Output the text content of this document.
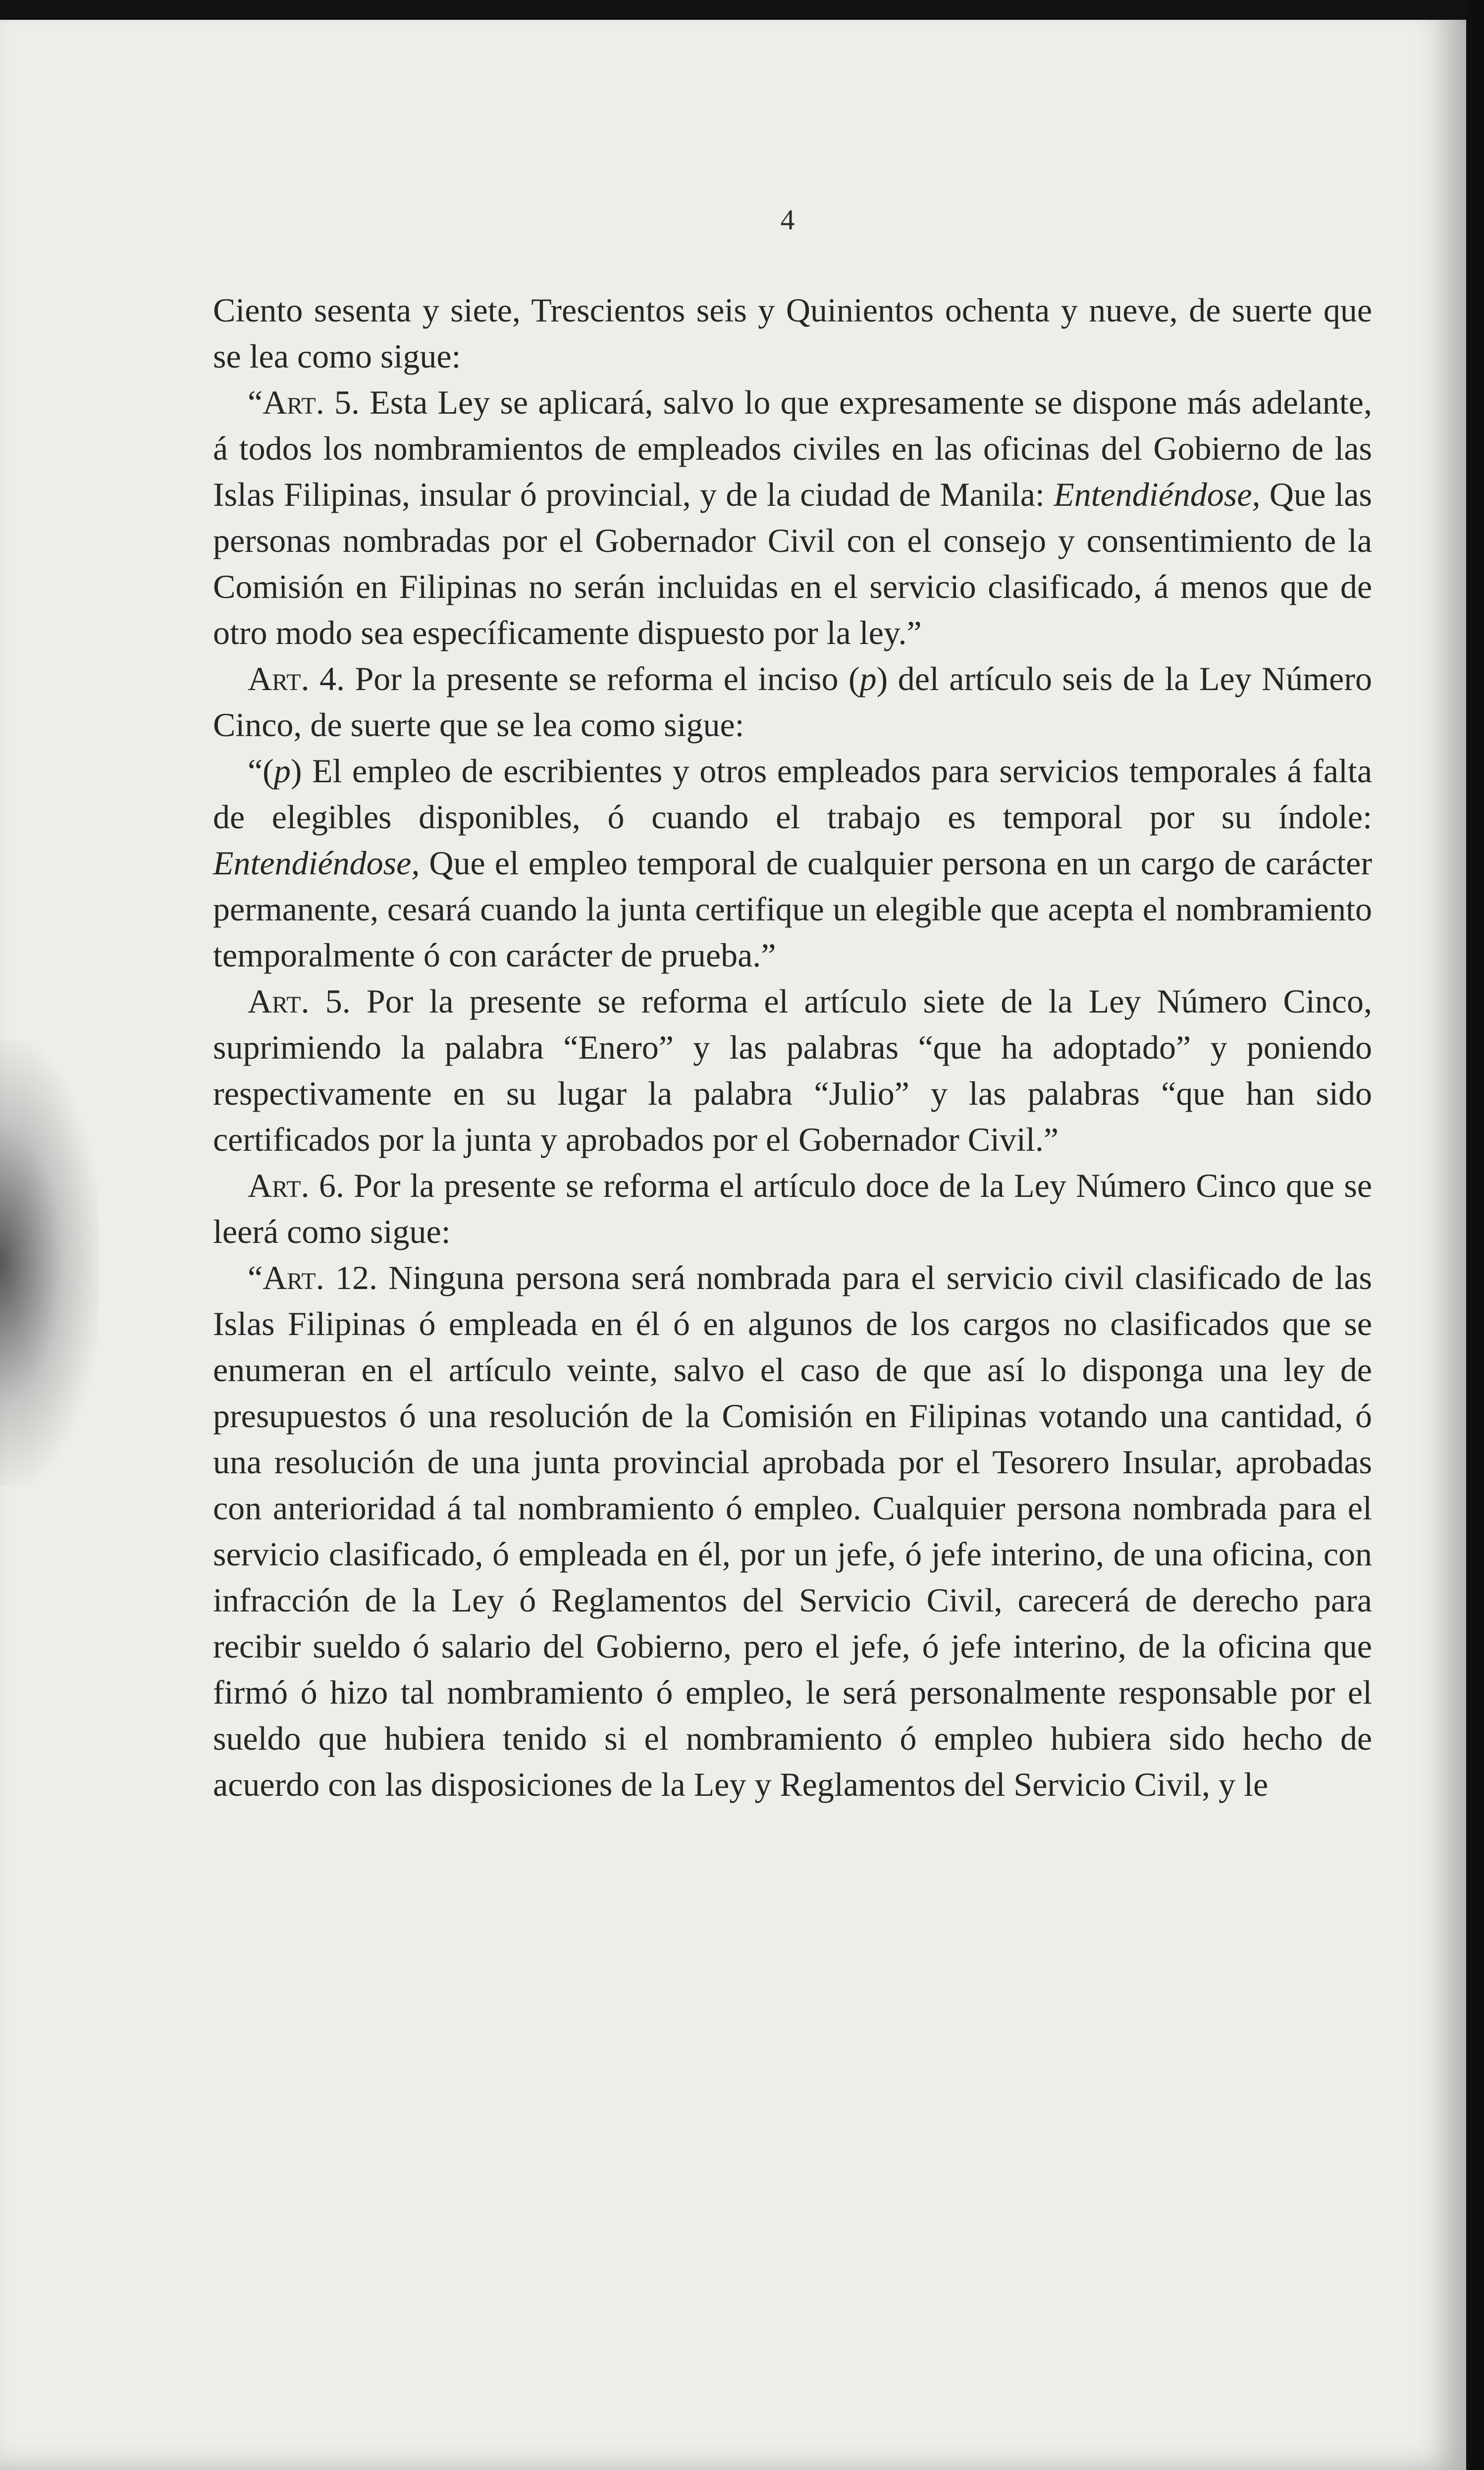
4

Ciento sesenta y siete, Trescientos seis y Quinientos ochenta y nueve, de suerte que se lea como sigue:

“Art. 5. Esta Ley se aplicará, salvo lo que expresamente se dispone más adelante, á todos los nombramientos de empleados civiles en las oficinas del Gobierno de las Islas Filipinas, insular ó provincial, y de la ciudad de Manila: Entendiéndose, Que las personas nombradas por el Gobernador Civil con el consejo y consentimiento de la Comisión en Filipinas no serán incluidas en el servicio clasificado, á menos que de otro modo sea específicamente dispuesto por la ley.”

Art. 4. Por la presente se reforma el inciso (p) del artículo seis de la Ley Número Cinco, de suerte que se lea como sigue:

“(p) El empleo de escribientes y otros empleados para servicios temporales á falta de elegibles disponibles, ó cuando el trabajo es temporal por su índole: Entendiéndose, Que el empleo temporal de cualquier persona en un cargo de carácter permanente, cesará cuando la junta certifique un elegible que acepta el nombramiento temporalmente ó con carácter de prueba.”

Art. 5. Por la presente se reforma el artículo siete de la Ley Número Cinco, suprimiendo la palabra “Enero” y las palabras “que ha adoptado” y poniendo respectivamente en su lugar la palabra “Julio” y las palabras “que han sido certificados por la junta y aprobados por el Gobernador Civil.”

Art. 6. Por la presente se reforma el artículo doce de la Ley Número Cinco que se leerá como sigue:

“Art. 12. Ninguna persona será nombrada para el servicio civil clasificado de las Islas Filipinas ó empleada en él ó en algunos de los cargos no clasificados que se enumeran en el artículo veinte, salvo el caso de que así lo disponga una ley de presupuestos ó una resolución de la Comisión en Filipinas votando una cantidad, ó una resolución de una junta provincial aprobada por el Tesorero Insular, aprobadas con anterioridad á tal nombramiento ó empleo. Cualquier persona nombrada para el servicio clasificado, ó empleada en él, por un jefe, ó jefe interino, de una oficina, con infracción de la Ley ó Reglamentos del Servicio Civil, carecerá de derecho para recibir sueldo ó salario del Gobierno, pero el jefe, ó jefe interino, de la oficina que firmó ó hizo tal nombramiento ó empleo, le será personalmente responsable por el sueldo que hubiera tenido si el nombramiento ó empleo hubiera sido hecho de acuerdo con las disposiciones de la Ley y Reglamentos del Servicio Civil, y le
